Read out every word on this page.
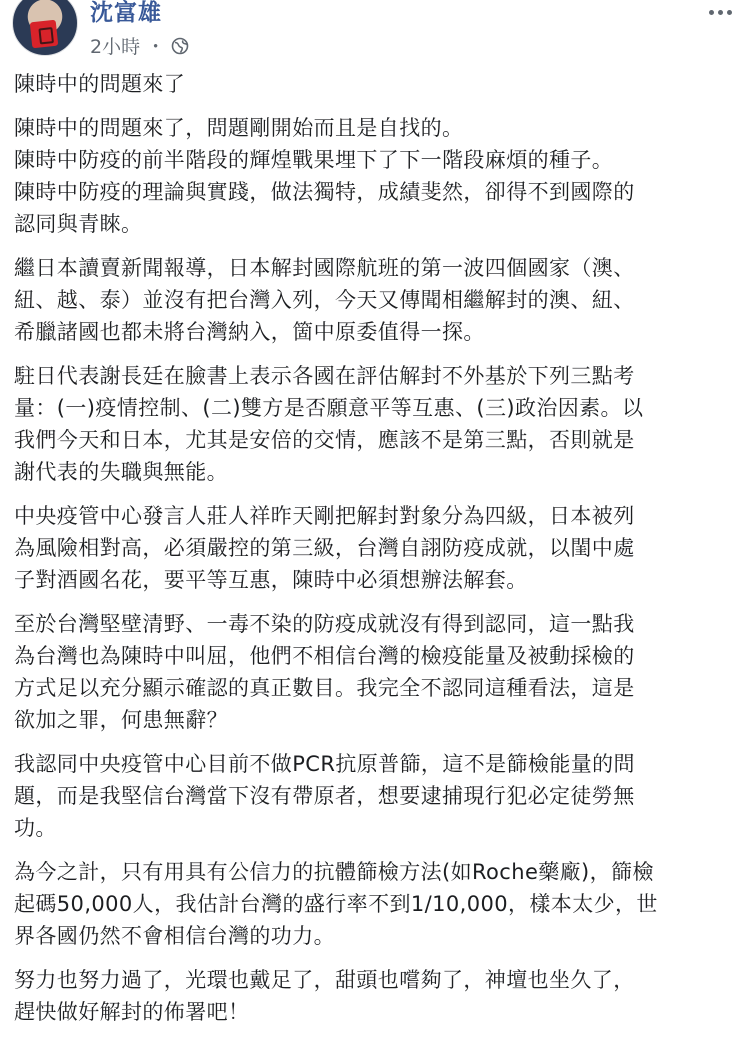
沈富雄
2小時 ・

陳時中的問題來了

陳時中的問題來了，問題剛開始而且是自找的。
陳時中防疫的前半階段的輝煌戰果埋下了下一階段麻煩的種子。
陳時中防疫的理論與實踐，做法獨特，成績斐然，卻得不到國際的
認同與青睞。

繼日本讀賣新聞報導，日本解封國際航班的第一波四個國家（澳、
紐、越、泰）並沒有把台灣入列，今天又傳聞相繼解封的澳、紐、
希臘諸國也都未將台灣納入，箇中原委值得一探。

駐日代表謝長廷在臉書上表示各國在評估解封不外基於下列三點考
量：(一)疫情控制、(二)雙方是否願意平等互惠、(三)政治因素。以
我們今天和日本，尤其是安倍的交情，應該不是第三點，否則就是
謝代表的失職與無能。

中央疫管中心發言人莊人祥昨天剛把解封對象分為四級，日本被列
為風險相對高，必須嚴控的第三級，台灣自詡防疫成就，以閨中處
子對酒國名花，要平等互惠，陳時中必須想辦法解套。

至於台灣堅壁清野、一毒不染的防疫成就沒有得到認同，這一點我
為台灣也為陳時中叫屈，他們不相信台灣的檢疫能量及被動採檢的
方式足以充分顯示確認的真正數目。我完全不認同這種看法，這是
欲加之罪，何患無辭？

我認同中央疫管中心目前不做PCR抗原普篩，這不是篩檢能量的問
題，而是我堅信台灣當下沒有帶原者，想要逮捕現行犯必定徒勞無
功。

為今之計，只有用具有公信力的抗體篩檢方法(如Roche藥廠)，篩檢
起碼50,000人，我估計台灣的盛行率不到1/10,000，樣本太少，世
界各國仍然不會相信台灣的功力。

努力也努力過了，光環也戴足了，甜頭也嚐夠了，神壇也坐久了，
趕快做好解封的佈署吧！
